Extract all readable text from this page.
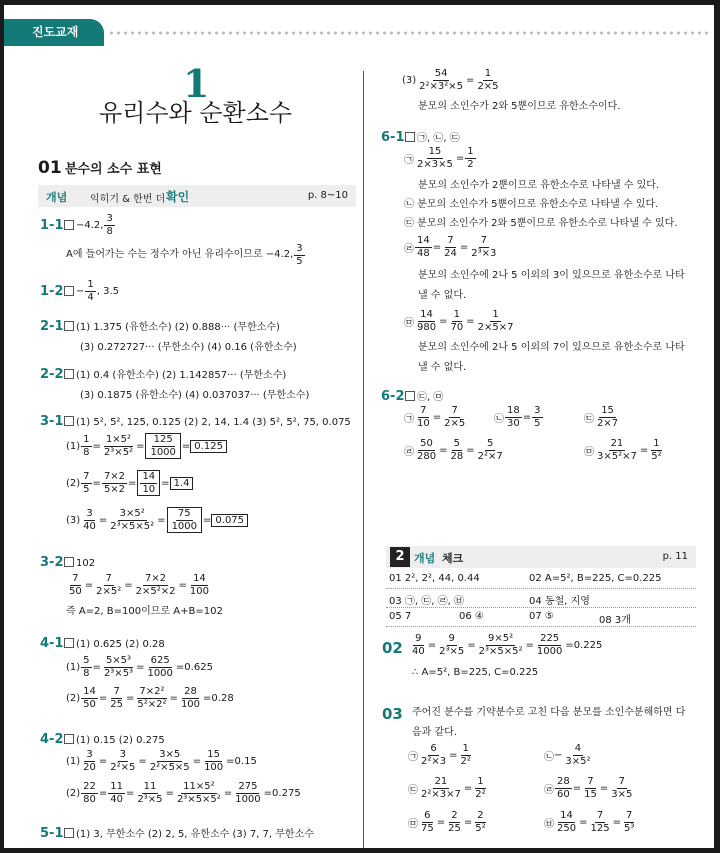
진도교재
1
유리수와 순환소수
01 분수의 소수 표현
개념 익히기 & 한번 더 확인	p. 8~10
1-1 −4.2, $\frac{3}{8}$
A에 들어가는 수는 정수가 아닌 유리수이므로 −4.2, $\frac{3}{5}$
$1-2 - \frac{1}{4}$ , 3.5
2-1 (1) 1.375 (유한소수) (2) 0.888··· (무한소수)
(3) 0.272727··· (무한소수) (4) 0.16 (유한소수)
2-2 (1) 0.4 (유한소수) (2) 1.142857··· (무한소수)
(3) 0.1875 (유한소수) (4) 0.037037··· (무한소수)
3-1 (1) 5², 5², 125, 0.125 (2) 2, 14, 1.4 (3) 5², 5², 75, 0.075
$(1) \frac{1}{8} = \frac{\text{1×5²}}{\text{2³×5²}} = \frac{125}{1000} = 0.125$
$(2) \frac{7}{5} = \frac{7\times 2}{5\times 2} = \frac{14}{10} = 1.4$
$(3) \frac{3}{40} = \frac{\text{3×5²}}{\text{2³×5×5²}} = \frac{75}{1000} = 0.075$
3-2 102
$\frac{7}{50} = \frac{7}{\text{2×5²}} = \frac{7\times 2}{\text{2×5²×2}} = \frac{14}{100}$
즉 A=2, B=100이므로 A+B=102
4-1 (1) 0.625 (2) 0.28
$(1) \frac{5}{8} = \frac{\text{5×5³}}{\text{2³×5³}} = \frac{625}{1000} = 0.625$
$(2) \frac{14}{50} = \frac{7}{25} = \frac{\text{7×2²}}{\text{5²×2²}} = \frac{28}{100} = 0.28$
4-2 (1) 0.15 (2) 0.275
$(1) \frac{3}{20} = \frac{3}{\text{2²×5}} = \frac{3\times 5}{\text{2²×5×5}} = \frac{15}{100} = 0.15$
$(2) \frac{22}{80} = \frac{11}{40} = \frac{11}{\text{2³×5}} = \frac{\text{11×5²}}{\text{2³×5×5²}} = \frac{275}{1000} = 0.275$
5-1 (1) 3, 무한소수 (2) 2, 5, 유한소수 (3) 7, 7, 무한소수
$(3) \frac{54}{\text{2²×3²×5}} = \frac{1}{2\times 5}$
분모의 소인수가 2와 5뿐이므로 유한소수이다.
6-1 ㉠, ㉡, ㉢
㉠ $\frac{15}{2\times 3\times 5} = \frac{1}{2}$
분모의 소인수가 2뿐이므로 유한소수로 나타낼 수 있다.
㉡ 분모의 소인수가 5뿐이므로 유한소수로 나타낼 수 있다.
㉢ 분모의 소인수가 2와 5뿐이므로 유한소수로 나타낼 수 있다.
㉣ $\frac{14}{48} = \frac{7}{24} = \frac{7}{\text{2³×3}}$
분모의 소인수에 2나 5 이외의 3이 있으므로 유한소수로 나타
낼 수 없다.
㉤ $\frac{14}{980} = \frac{1}{70} = \frac{1}{2\times 5\times 7}$
분모의 소인수에 2나 5 이외의 7이 있으므로 유한소수로 나타
낼 수 없다.
6-2 ㉢, ㉤
㉠ $\frac{7}{10} = \frac{7}{2\times 5}$	㉡ $\frac{18}{30} = \frac{3}{5}$	㉢ $\frac{15}{2\times 7}$
㉣ $\frac{50}{280} = \frac{5}{28} = \frac{5}{\text{2²×7}}$	㉤ $\frac{21}{\text{3×5²×7}} = \frac{1}{\text{5²}}$
2 개념 체크	p. 11
01 2², 2², 44, 0.44	02 A=5², B=225, C=0.225
03 ㉠, ㉢, ㉣, ㉥	04 동철, 지영
05 7	06 ④	07 ⑤	08 3개
$02 \frac{9}{40} = \frac{9}{\text{2³×5}} = \frac{\text{9×5²}}{\text{2³×5×5²}} = \frac{225}{1000} = 0.225$
∴ A=5², B=225, C=0.225
03 주어진 분수를 기약분수로 고친 다음 분모를 소인수분해하면 다
음과 같다.
㉠ $\frac{6}{\text{2²×3}} = \frac{1}{\text{2²}}$	㉡ − $\frac{4}{\text{3×5²}}$
㉢ $\frac{21}{\text{2²×3×7}} = \frac{1}{\text{2²}}$	㉣ $\frac{28}{60} = \frac{7}{15} = \frac{7}{3\times 5}$
㉤ $\frac{6}{75} = \frac{2}{25} = \frac{2}{\text{5²}}$	㉥ $\frac{14}{250} = \frac{7}{125} = \frac{7}{\text{5³}}$
